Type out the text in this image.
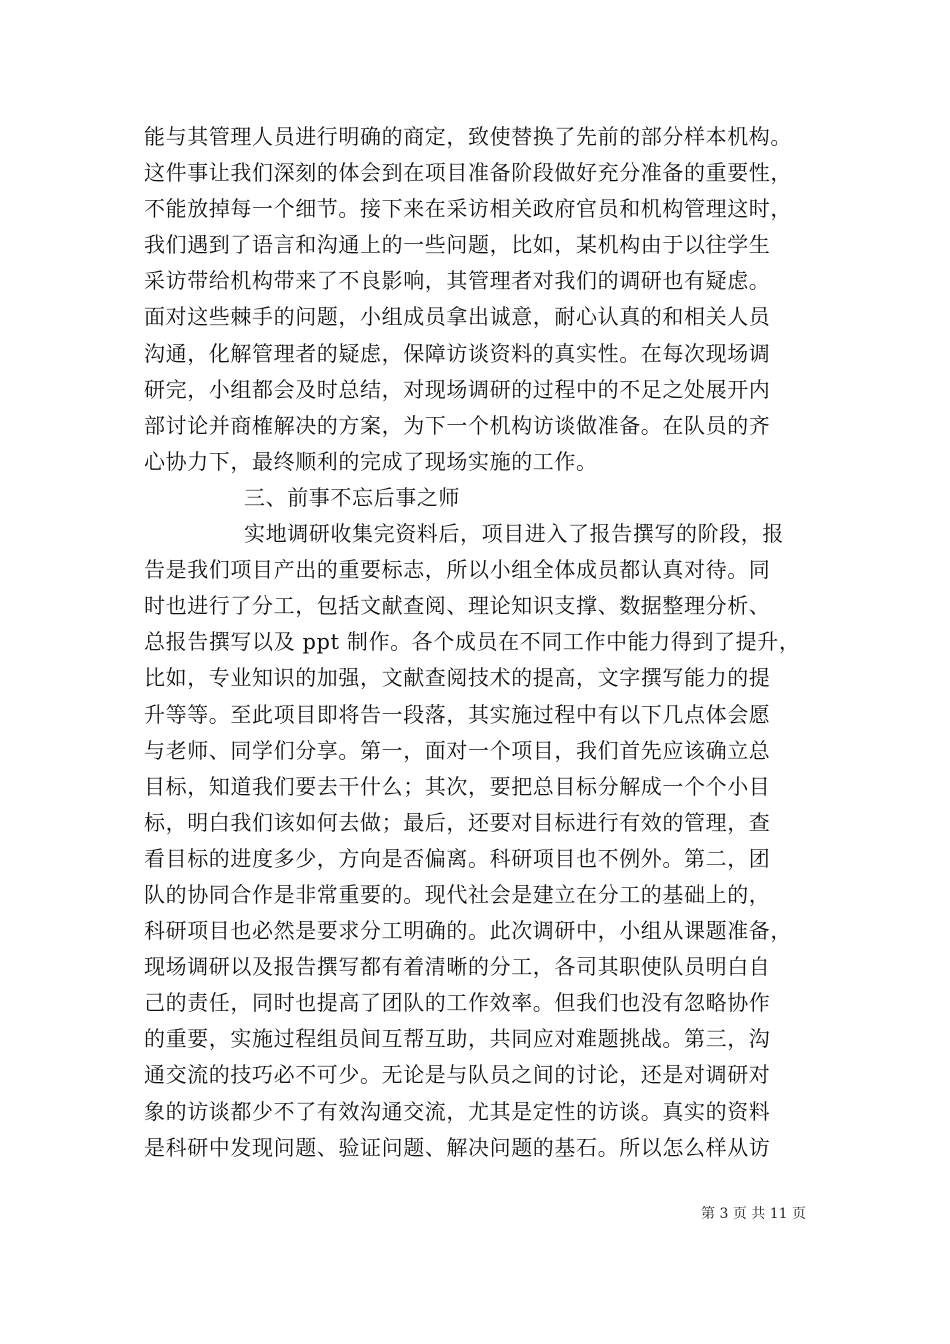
能与其管理人员进行明确的商定，致使替换了先前的部分样本机构。
这件事让我们深刻的体会到在项目准备阶段做好充分准备的重要性，
不能放掉每一个细节。接下来在采访相关政府官员和机构管理这时，
我们遇到了语言和沟通上的一些问题，比如，某机构由于以往学生
采访带给机构带来了不良影响，其管理者对我们的调研也有疑虑。
面对这些棘手的问题，小组成员拿出诚意，耐心认真的和相关人员
沟通，化解管理者的疑虑，保障访谈资料的真实性。在每次现场调
研完，小组都会及时总结，对现场调研的过程中的不足之处展开内
部讨论并商榷解决的方案，为下一个机构访谈做准备。在队员的齐
心协力下，最终顺利的完成了现场实施的工作。
三、前事不忘后事之师
实地调研收集完资料后，项目进入了报告撰写的阶段，报
告是我们项目产出的重要标志，所以小组全体成员都认真对待。同
时也进行了分工，包括文献查阅、理论知识支撑、数据整理分析、
总报告撰写以及 ppt 制作。各个成员在不同工作中能力得到了提升，
比如，专业知识的加强，文献查阅技术的提高，文字撰写能力的提
升等等。至此项目即将告一段落，其实施过程中有以下几点体会愿
与老师、同学们分享。第一，面对一个项目，我们首先应该确立总
目标，知道我们要去干什么；其次，要把总目标分解成一个个小目
标，明白我们该如何去做；最后，还要对目标进行有效的管理，查
看目标的进度多少，方向是否偏离。科研项目也不例外。第二，团
队的协同合作是非常重要的。现代社会是建立在分工的基础上的，
科研项目也必然是要求分工明确的。此次调研中，小组从课题准备，
现场调研以及报告撰写都有着清晰的分工，各司其职使队员明白自
己的责任，同时也提高了团队的工作效率。但我们也没有忽略协作
的重要，实施过程组员间互帮互助，共同应对难题挑战。第三，沟
通交流的技巧必不可少。无论是与队员之间的讨论，还是对调研对
象的访谈都少不了有效沟通交流，尤其是定性的访谈。真实的资料
是科研中发现问题、验证问题、解决问题的基石。所以怎么样从访
第 3 页 共 11 页
